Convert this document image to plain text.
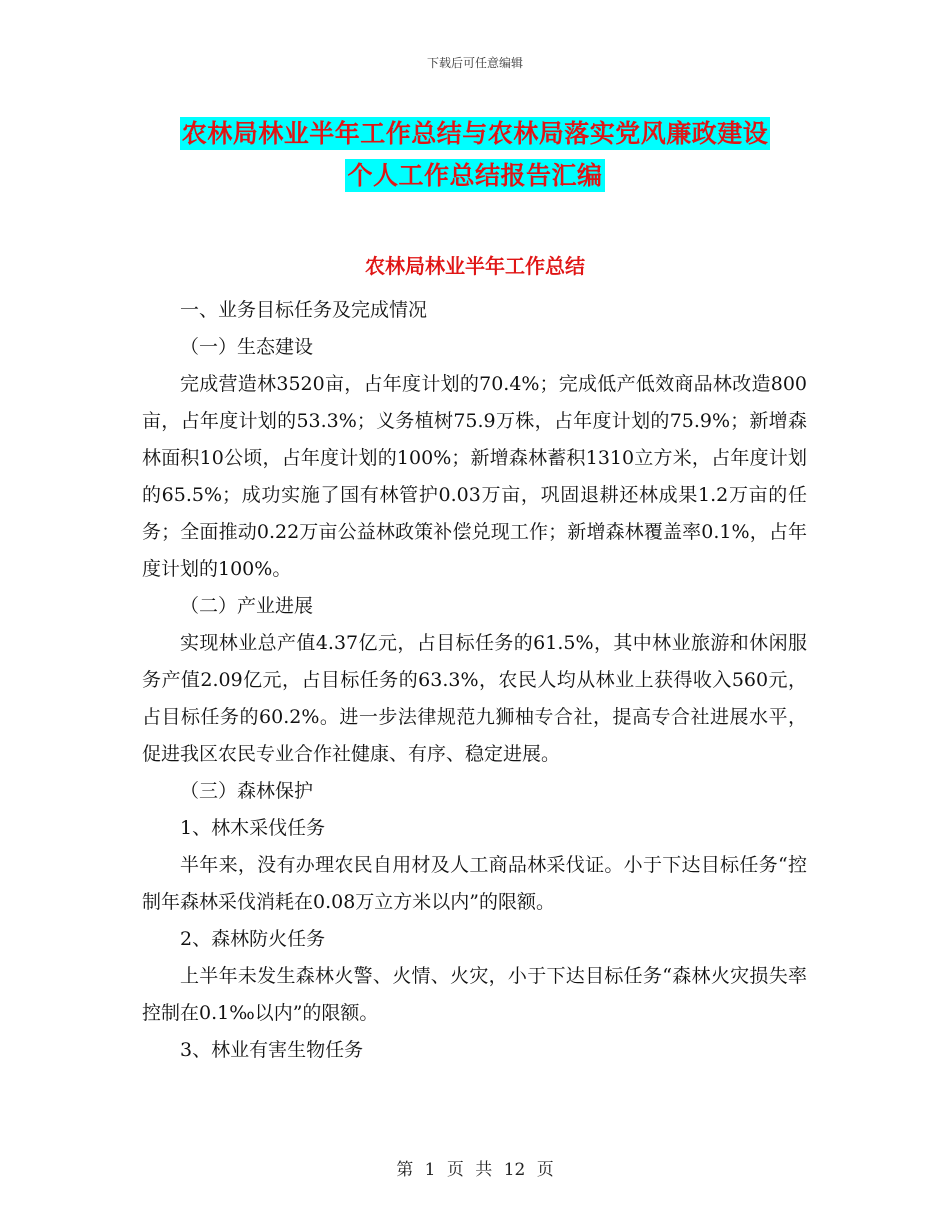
下载后可任意编辑
农林局林业半年工作总结与农林局落实党风廉政建设
个人工作总结报告汇编
农林局林业半年工作总结

一、业务目标任务及完成情况

（一）生态建设

完成营造林3520亩，占年度计划的70.4%；完成低产低效商品林改造800亩，占年度计划的53.3%；义务植树75.9万株，占年度计划的75.9%；新增森林面积10公顷，占年度计划的100%；新增森林蓄积1310立方米，占年度计划的65.5%；成功实施了国有林管护0.03万亩，巩固退耕还林成果1.2万亩的任务；全面推动0.22万亩公益林政策补偿兑现工作；新增森林覆盖率0.1%，占年度计划的100%。

（二）产业进展

实现林业总产值4.37亿元，占目标任务的61.5%，其中林业旅游和休闲服务产值2.09亿元，占目标任务的63.3%，农民人均从林业上获得收入560元，占目标任务的60.2%。进一步法律规范九狮柚专合社，提高专合社进展水平，促进我区农民专业合作社健康、有序、稳定进展。

（三）森林保护

1、林木采伐任务

半年来，没有办理农民自用材及人工商品林采伐证。小于下达目标任务“控制年森林采伐消耗在0.08万立方米以内”的限额。

2、森林防火任务

上半年未发生森林火警、火情、火灾，小于下达目标任务“森林火灾损失率控制在0.1‰以内”的限额。

3、林业有害生物任务

第 1 页 共 12 页
